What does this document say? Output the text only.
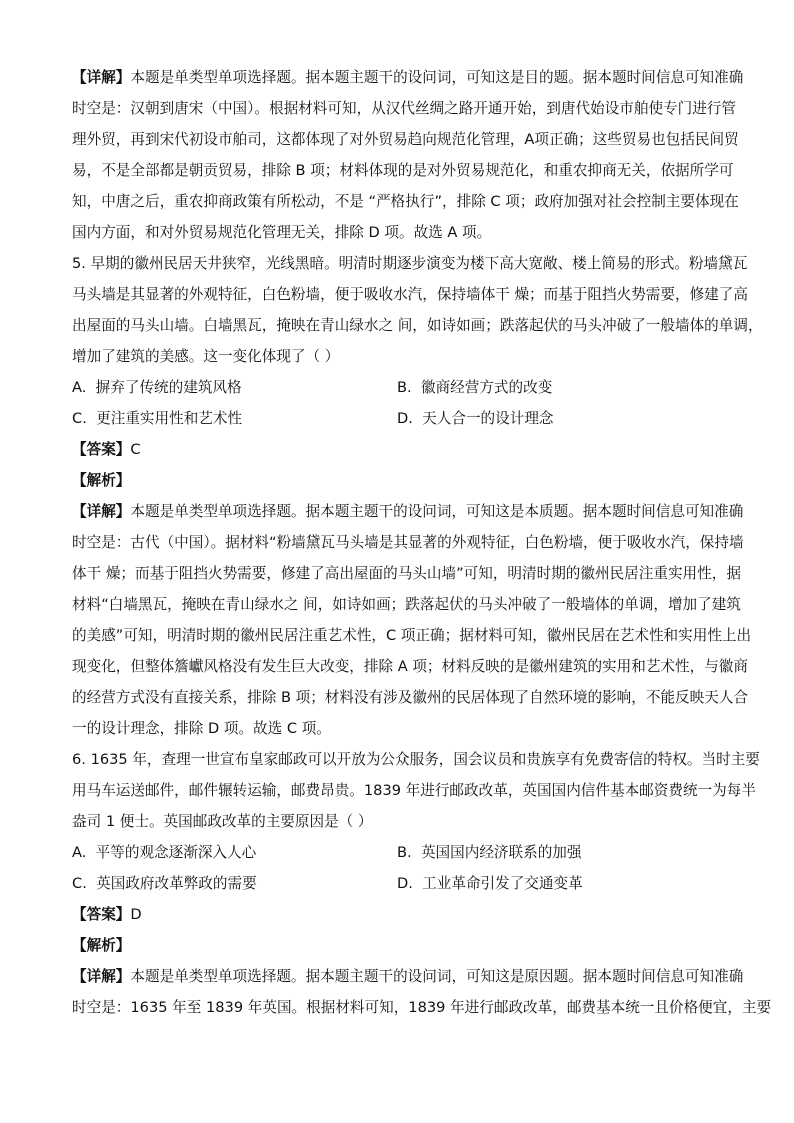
【详解】本题是单类型单项选择题。据本题主题干的设问词，可知这是目的题。据本题时间信息可知准确
时空是：汉朝到唐宋（中国）。根据材料可知，从汉代丝绸之路开通开始，到唐代始设市舶使专门进行管
理外贸，再到宋代初设市舶司，这都体现了对外贸易趋向规范化管理，A项正确；这些贸易也包括民间贸
易，不是全部都是朝贡贸易，排除 B 项；材料体现的是对外贸易规范化，和重农抑商无关，依据所学可
知，中唐之后，重农抑商政策有所松动，不是 “严格执行”，排除 C 项；政府加强对社会控制主要体现在
国内方面，和对外贸易规范化管理无关，排除 D 项。故选 A 项。
5. 早期的徽州民居天井狭窄，光线黑暗。明清时期逐步演变为楼下高大宽敞、楼上简易的形式。粉墙黛瓦
马头墙是其显著的外观特征，白色粉墙，便于吸收水汽，保持墙体干 燥；而基于阻挡火势需要，修建了高
出屋面的马头山墙。白墙黑瓦，掩映在青山绿水之 间，如诗如画；跌落起伏的马头冲破了一般墙体的单调，
增加了建筑的美感。这一变化体现了（ ）
A. 摒弃了传统的建筑风格	B. 徽商经营方式的改变
C. 更注重实用性和艺术性	D. 天人合一的设计理念
【答案】C
【解析】
【详解】本题是单类型单项选择题。据本题主题干的设问词，可知这是本质题。据本题时间信息可知准确
时空是：古代（中国）。据材料“粉墙黛瓦马头墙是其显著的外观特征，白色粉墙，便于吸收水汽，保持墙
体干 燥；而基于阻挡火势需要，修建了高出屋面的马头山墙”可知，明清时期的徽州民居注重实用性，据
材料“白墙黑瓦，掩映在青山绿水之 间，如诗如画；跌落起伏的马头冲破了一般墙体的单调，增加了建筑
的美感”可知，明清时期的徽州民居注重艺术性，C 项正确；据材料可知，徽州民居在艺术性和实用性上出
现变化，但整体簷巘风格没有发生巨大改变，排除 A 项；材料反映的是徽州建筑的实用和艺术性，与徽商
的经营方式没有直接关系，排除 B 项；材料没有涉及徽州的民居体现了自然环境的影响，不能反映天人合
一的设计理念，排除 D 项。故选 C 项。
6. 1635 年，查理一世宣布皇家邮政可以开放为公众服务，国会议员和贵族享有免费寄信的特权。当时主要
用马车运送邮件，邮件辗转运输，邮费昂贵。1839 年进行邮政改革，英国国内信件基本邮资费统一为每半
盎司 1 便士。英国邮政改革的主要原因是（ ）
A. 平等的观念逐渐深入人心	B. 英国国内经济联系的加强
C. 英国政府改革弊政的需要	D. 工业革命引发了交通变革
【答案】D
【解析】
【详解】本题是单类型单项选择题。据本题主题干的设问词，可知这是原因题。据本题时间信息可知准确
时空是：1635 年至 1839 年英国。根据材料可知，1839 年进行邮政改革，邮费基本统一且价格便宜，主要
